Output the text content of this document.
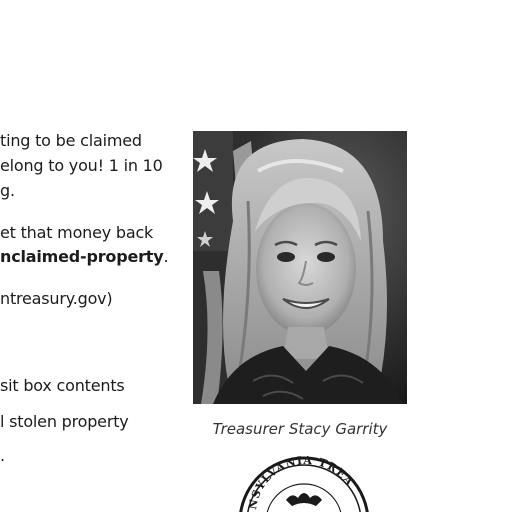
ting to be claimed
elong to you! 1 in 10
g.
et that money back
nclaimed-property.
ntreasury.gov)
sit box contents
l stolen property
.
Treasurer Stacy Garrity
NSYLVANIA TREA
